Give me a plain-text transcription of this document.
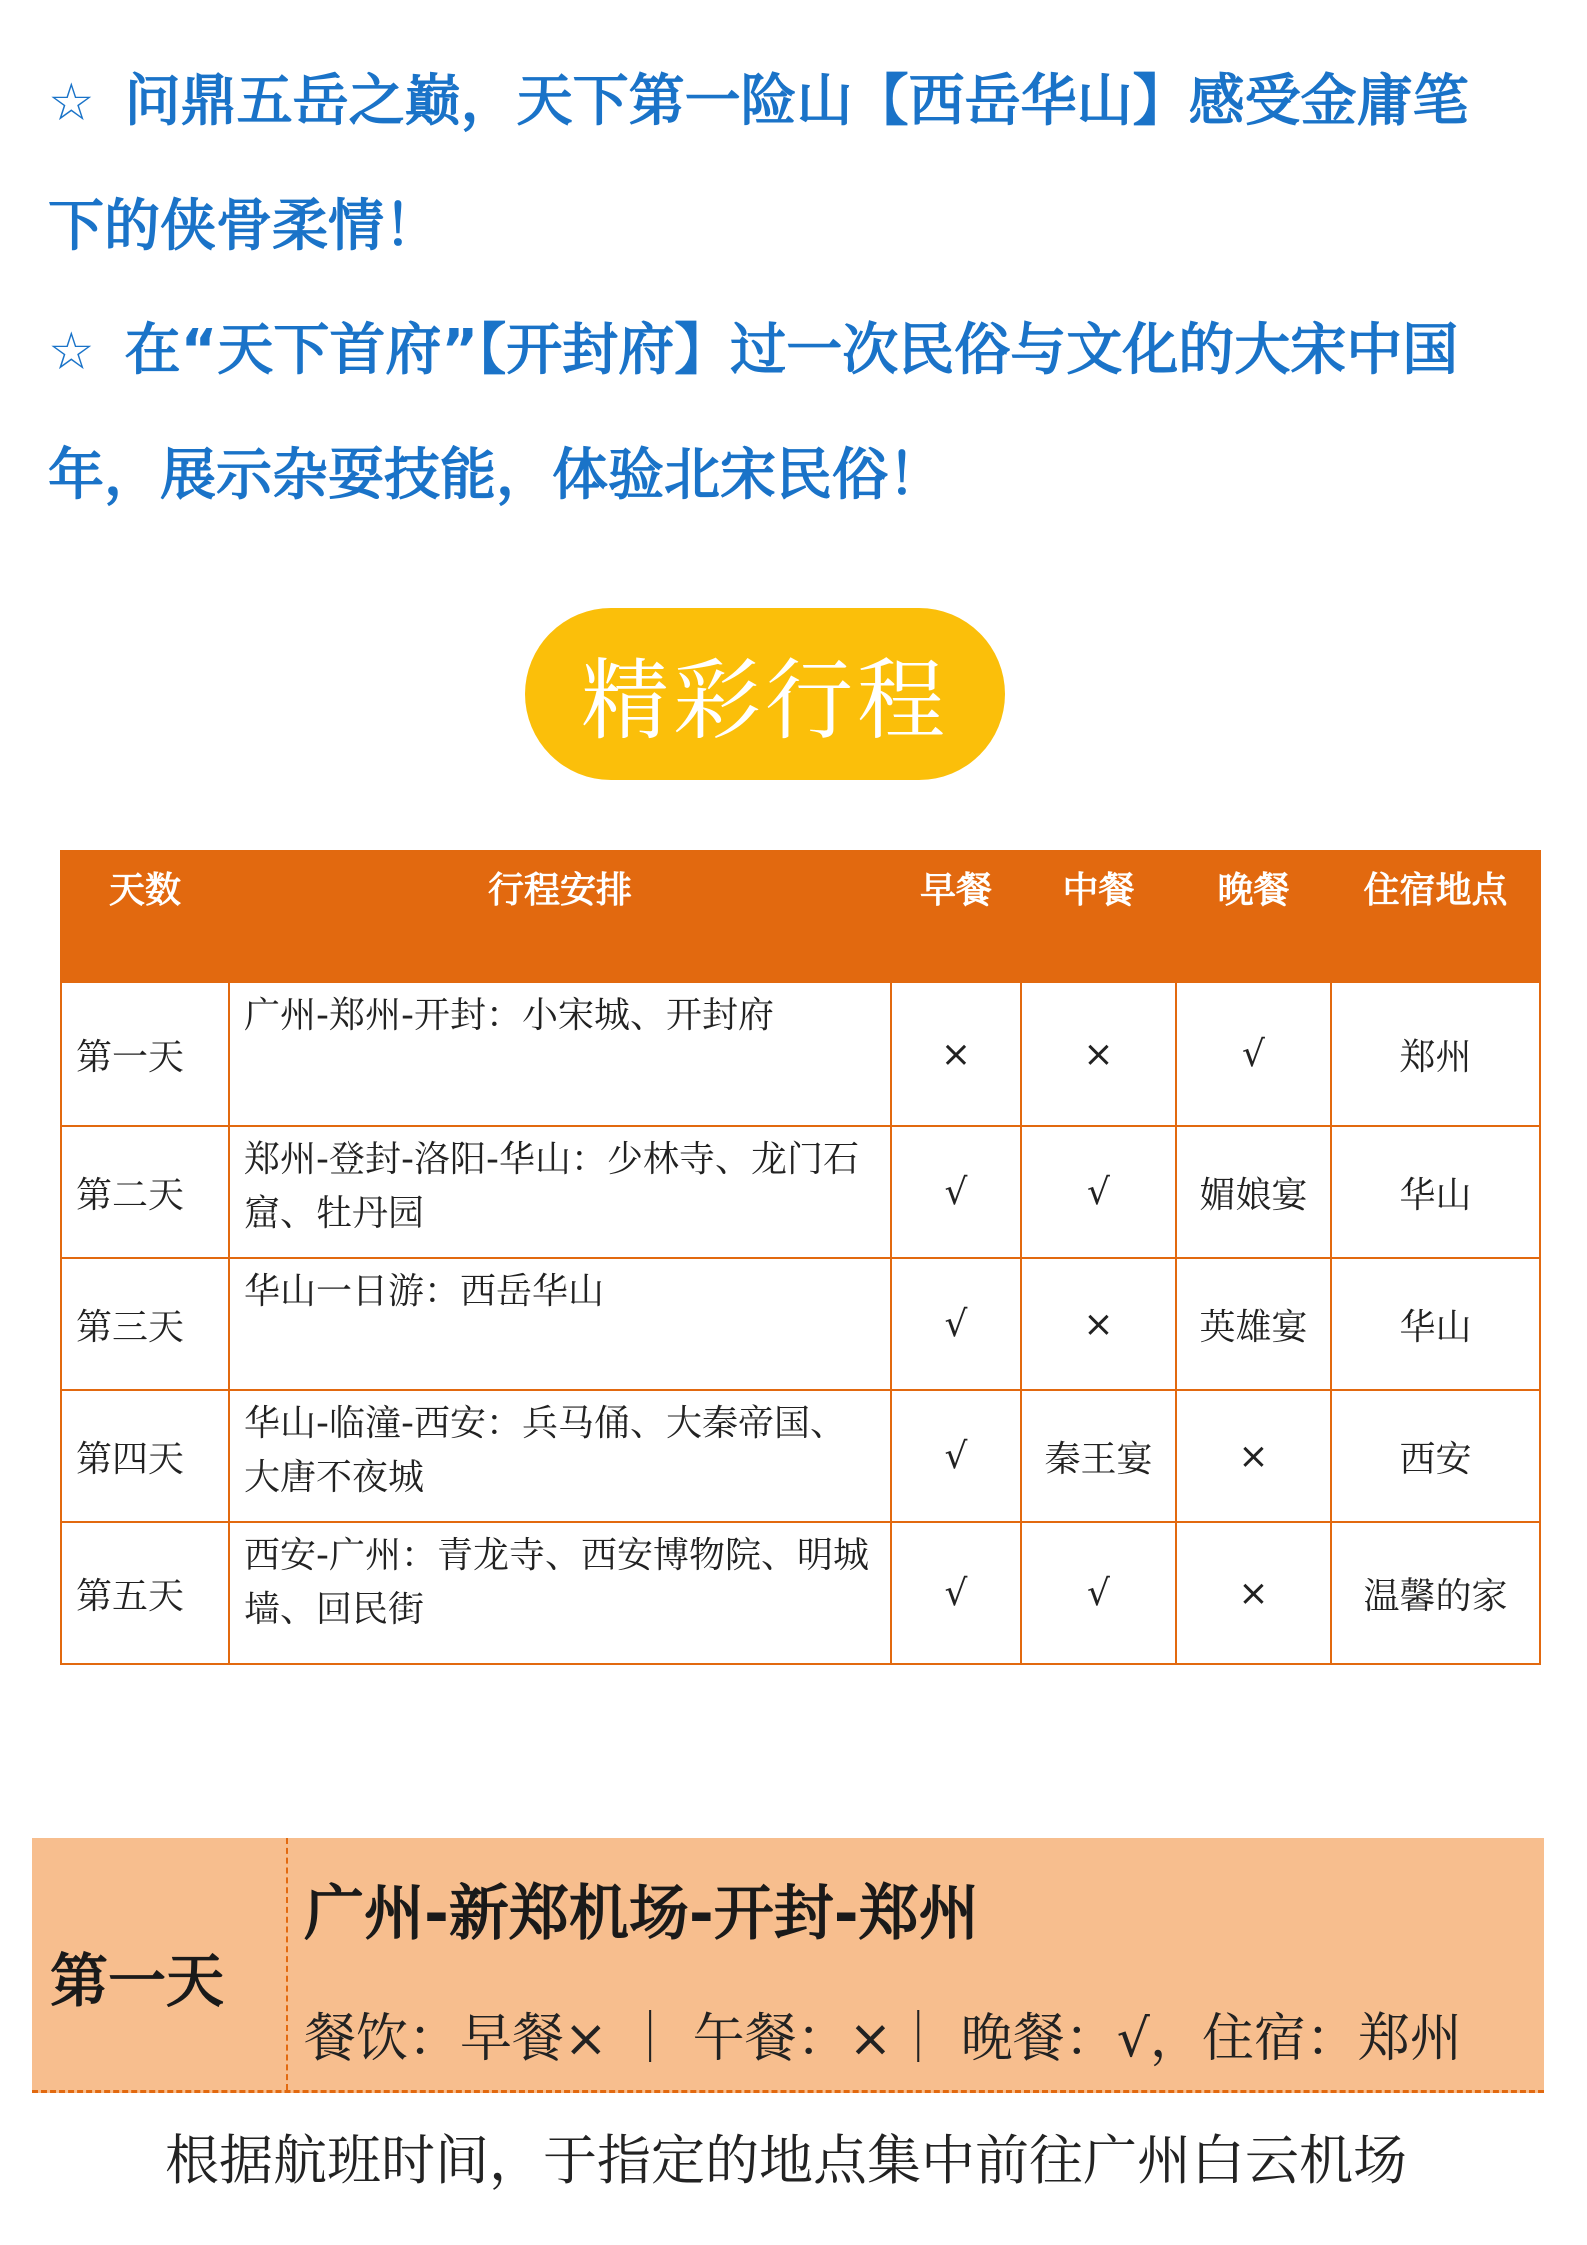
☆ 问鼎五岳之巅，天下第一险山【西岳华山】感受金庸笔

下的侠骨柔情！

☆ 在“天下首府”【开封府】过一次民俗与文化的大宋中国

年，展示杂耍技能，体验北宋民俗！

精彩行程
天数	行程安排	早餐	中餐	晚餐	住宿地点
第一天	广州-郑州-开封：小宋城、开封府	×	×	√	郑州
第二天	郑州-登封-洛阳-华山：少林寺、龙门石窟、牡丹园	√	√	媚娘宴	华山
第三天	华山一日游：西岳华山	√	×	英雄宴	华山
第四天	华山-临潼-西安：兵马俑、大秦帝国、大唐不夜城	√	秦王宴	×	西安
第五天	西安-广州：青龙寺、西安博物院、明城墙、回民街	√	√	×	温馨的家
第一天
广州-新郑机场-开封-郑州
餐饮：早餐× ｜ 午餐：×｜ 晚餐：√，住宿：郑州
根据航班时间，于指定的地点集中前往广州白云机场
